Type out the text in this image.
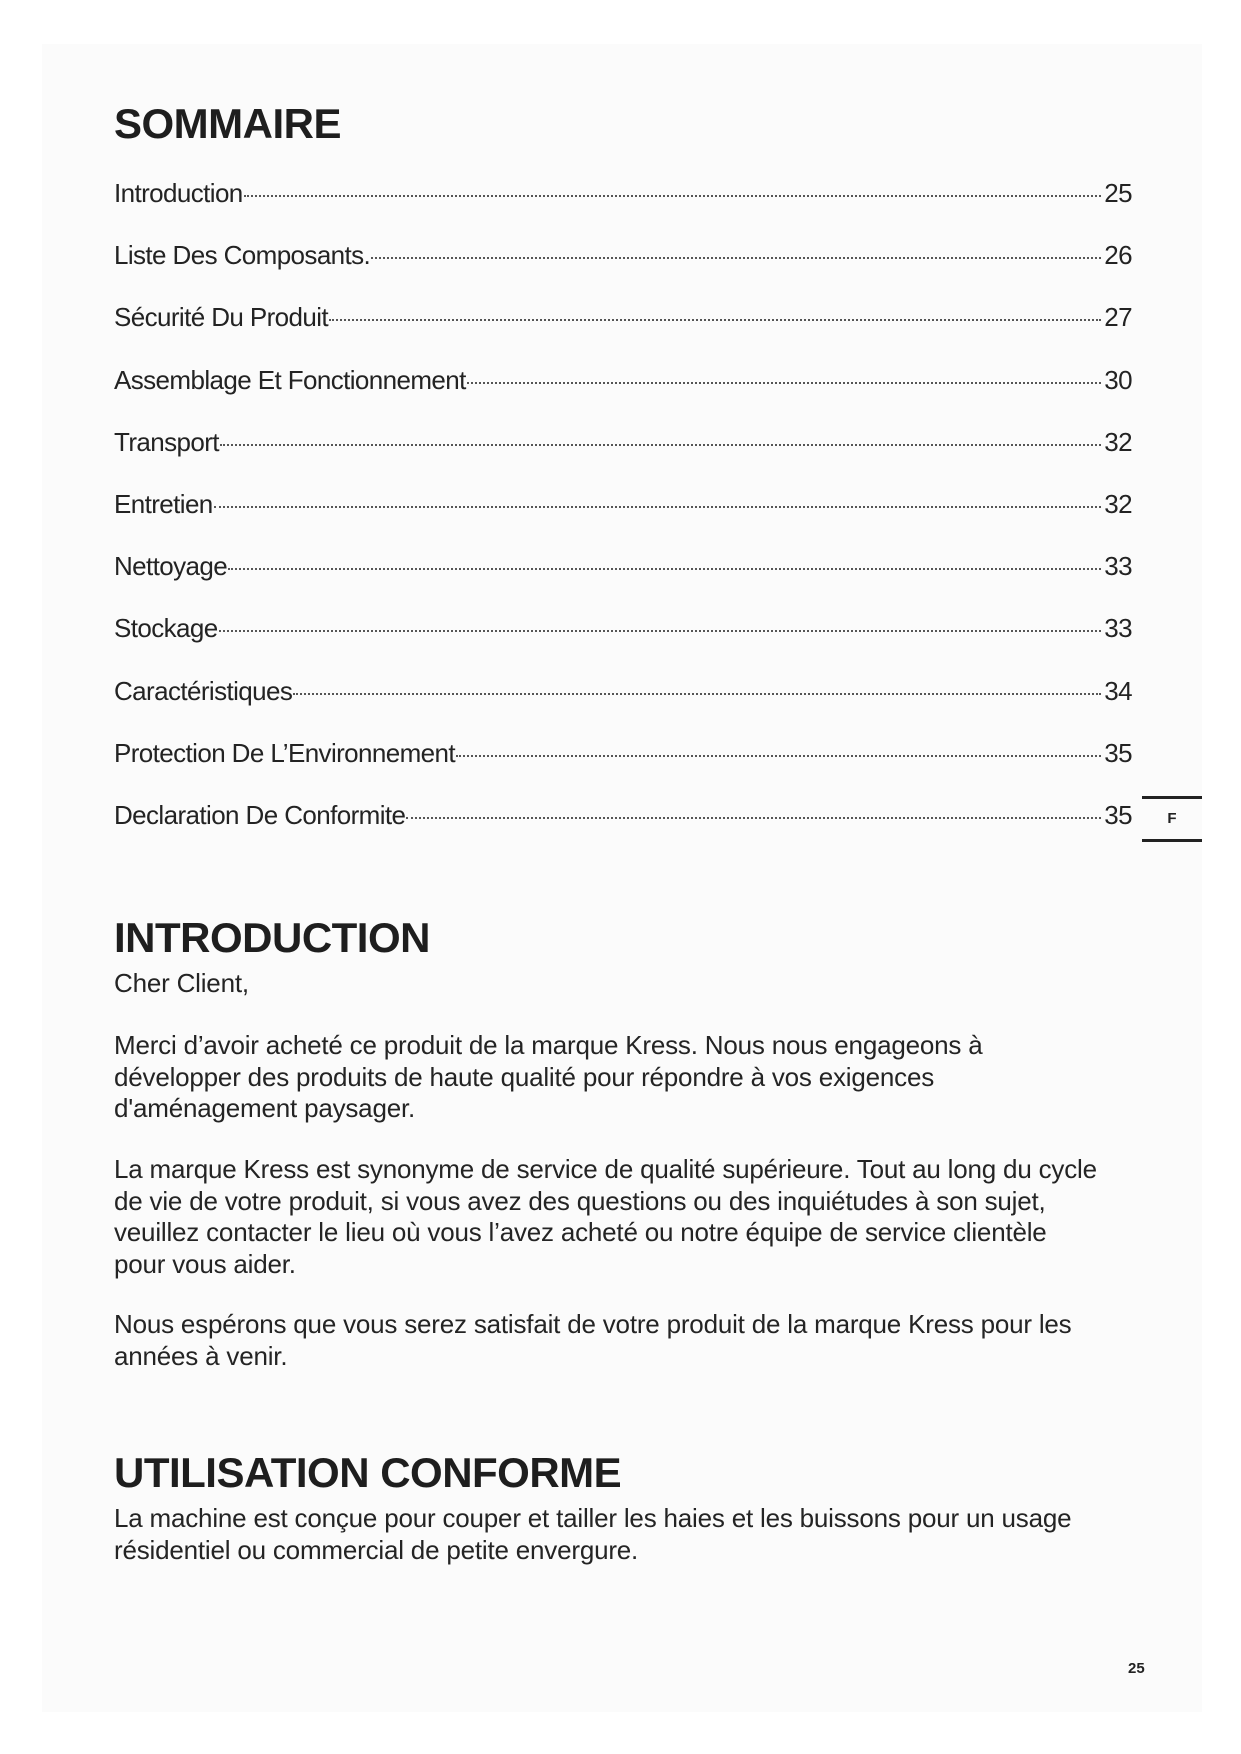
SOMMAIRE
Introduction	25
Liste Des Composants.	26
Sécurité Du Produit	27
Assemblage Et Fonctionnement	30
Transport	32
Entretien	32
Nettoyage	33
Stockage	33
Caractéristiques	34
Protection De L’Environnement	35
Declaration De Conformite	35
INTRODUCTION

Cher Client,

Merci d’avoir acheté ce produit de la marque Kress. Nous nous engageons à développer des produits de haute qualité pour répondre à vos exigences d'aménagement paysager.

La marque Kress est synonyme de service de qualité supérieure. Tout au long du cycle de vie de votre produit, si vous avez des questions ou des inquiétudes à son sujet, veuillez contacter le lieu où vous l’avez acheté ou notre équipe de service clientèle pour vous aider.

Nous espérons que vous serez satisfait de votre produit de la marque Kress pour les années à venir.

UTILISATION CONFORME

La machine est conçue pour couper et tailler les haies et les buissons pour un usage résidentiel ou commercial de petite envergure.

F
25
